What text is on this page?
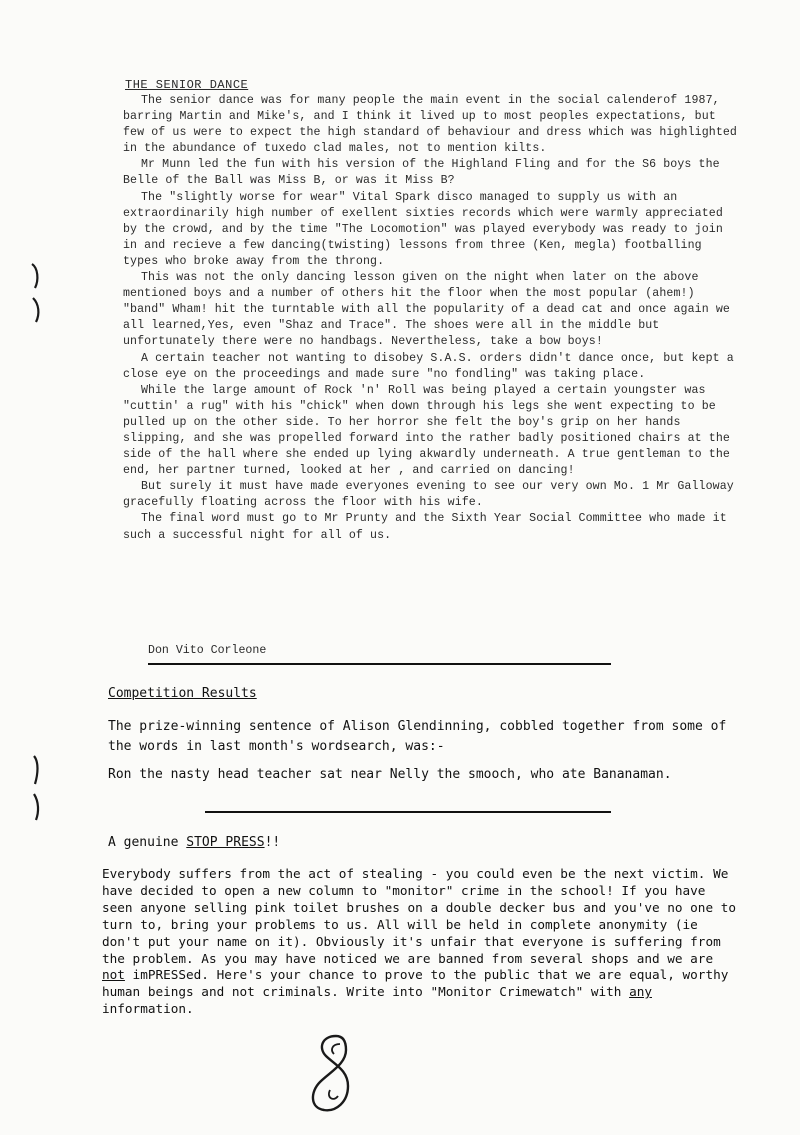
THE SENIOR DANCE

The senior dance was for many people the main event in the social calenderof 1987, barring Martin and Mike's, and I think it lived up to most peoples expectations, but few of us were to expect the high standard of behaviour and dress which was highlighted in the abundance of tuxedo clad males, not to mention kilts.

Mr Munn led the fun with his version of the Highland Fling and for the S6 boys the Belle of the Ball was Miss B, or was it Miss B?

The "slightly worse for wear" Vital Spark disco managed to supply us with an extraordinarily high number of exellent sixties records which were warmly appreciated by the crowd, and by the time "The Locomotion" was played everybody was ready to join in and recieve a few dancing(twisting) lessons from three (Ken, megla) footballing types who broke away from the throng.

This was not the only dancing lesson given on the night when later on the above mentioned boys and a number of others hit the floor when the most popular (ahem!) "band" Wham! hit the turntable with all the popularity of a dead cat and once again we all learned,Yes, even "Shaz and Trace". The shoes were all in the middle but unfortunately there were no handbags. Nevertheless, take a bow boys!

A certain teacher not wanting to disobey S.A.S. orders didn't dance once, but kept a close eye on the proceedings and made sure "no fondling" was taking place.

While the large amount of Rock 'n' Roll was being played a certain youngster was "cuttin' a rug" with his "chick" when down through his legs she went expecting to be pulled up on the other side. To her horror she felt the boy's grip on her hands slipping, and she was propelled forward into the rather badly positioned chairs at the side of the hall where she ended up lying akwardly underneath. A true gentleman to the end, her partner turned, looked at her , and carried on dancing!

But surely it must have made everyones evening to see our very own Mo. 1 Mr Galloway gracefully floating across the floor with his wife.

The final word must go to Mr Prunty and the Sixth Year Social Committee who made it such a successful night for all of us.

Don Vito Corleone
Competition Results

The prize-winning sentence of Alison Glendinning, cobbled together from some of the words in last month's wordsearch, was:-

Ron the nasty head teacher sat near Nelly the smooch, who ate Bananaman.

A genuine STOP PRESS!!

Everybody suffers from the act of stealing - you could even be the next victim. We have decided to open a new column to "monitor" crime in the school! If you have seen anyone selling pink toilet brushes on a double decker bus and you've no one to turn to, bring your problems to us. All will be held in complete anonymity (ie don't put your name on it). Obviously it's unfair that everyone is suffering from the problem. As you may have noticed we are banned from several shops and we are not imPRESSed. Here's your chance to prove to the public that we are equal, worthy human beings and not criminals. Write into "Monitor Crimewatch" with any information.
